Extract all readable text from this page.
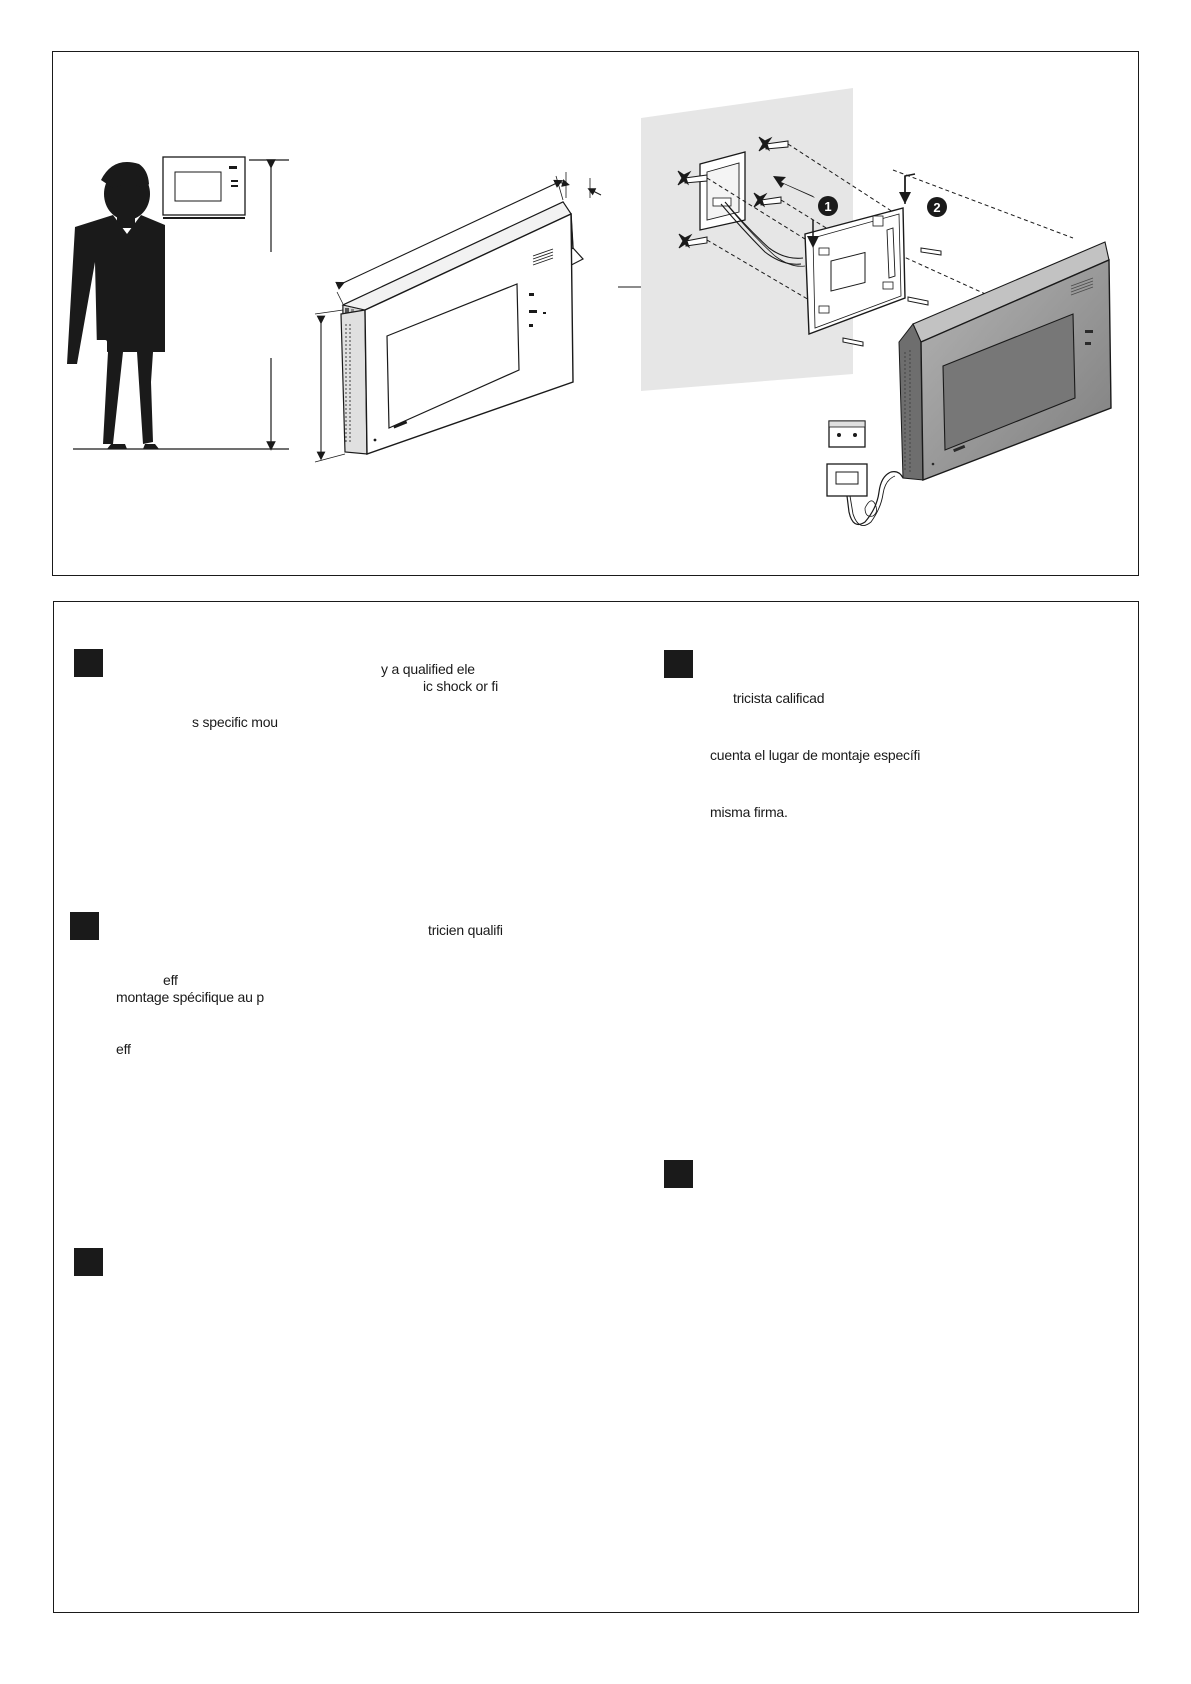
1	2
y a qualified ele
ic shock or fi
s specific mou
tricien qualifi
eff
montage spécifique au p
eff
tricista calificad
cuenta el lugar de montaje específi
misma firma.
